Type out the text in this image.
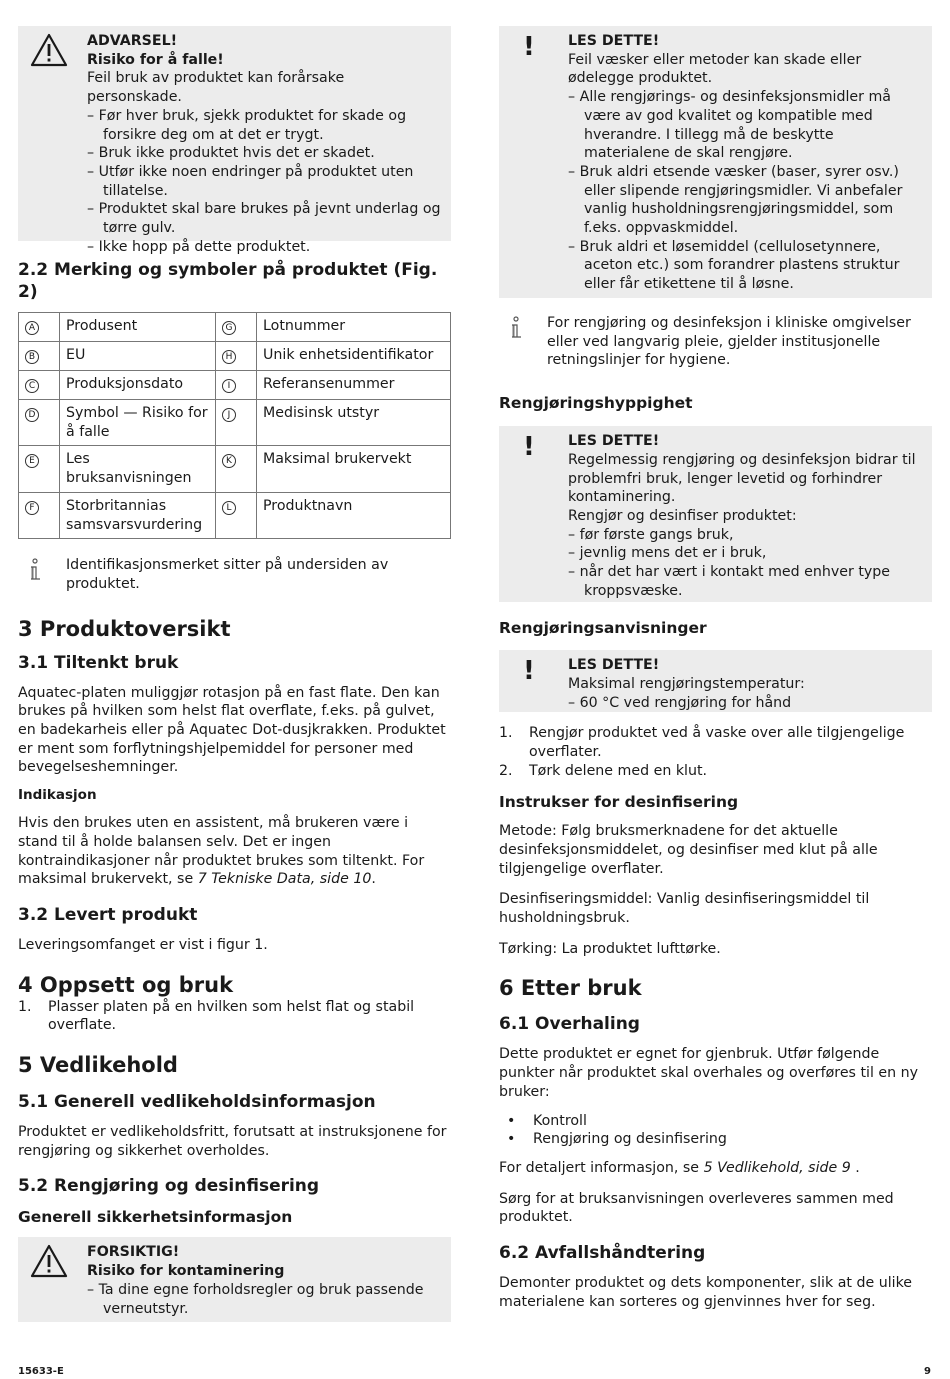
ADVARSEL!
Risiko for å falle!
Feil bruk av produktet kan forårsake personskade.
– Før hver bruk, sjekk produktet for skade og forsikre deg om at det er trygt.
– Bruk ikke produktet hvis det er skadet.
– Utfør ikke noen endringer på produktet uten tillatelse.
– Produktet skal bare brukes på jevnt underlag og tørre gulv.
– Ikke hopp på dette produktet.
2.2 Merking og symboler på produktet (Fig. 2)
A	Produsent	G	Lotnummer
B	EU	H	Unik enhetsidentifikator
C	Produksjonsdato	I	Referansenummer
D	Symbol — Risiko for å falle	J	Medisinsk utstyr
E	Les bruksanvisningen	K	Maksimal brukervekt
F	Storbritannias samsvarsvurdering	L	Produktnavn
Identifikasjonsmerket sitter på undersiden av produktet.
3 Produktoversikt
3.1 Tiltenkt bruk

Aquatec-platen muliggjør rotasjon på en fast flate. Den kan brukes på hvilken som helst flat overflate, f.eks. på gulvet, en badekarheis eller på Aquatec Dot-dusjkrakken. Produktet er ment som forflytningshjelpemiddel for personer med bevegelseshemninger.

Indikasjon

Hvis den brukes uten en assistent, må brukeren være i stand til å holde balansen selv. Det er ingen kontraindikasjoner når produktet brukes som tiltenkt. For maksimal brukervekt, se 7 Tekniske Data, side 10.

3.2 Levert produkt

Leveringsomfanget er vist i figur 1.

4 Oppsett og bruk
1. Plasser platen på en hvilken som helst flat og stabil overflate.
5 Vedlikehold
5.1 Generell vedlikeholdsinformasjon

Produktet er vedlikeholdsfritt, forutsatt at instruksjonene for rengjøring og sikkerhet overholdes.

5.2 Rengjøring og desinfisering
Generell sikkerhetsinformasjon
FORSIKTIG!
Risiko for kontaminering
– Ta dine egne forholdsregler og bruk passende verneutstyr.
! LES DETTE!
Feil væsker eller metoder kan skade eller ødelegge produktet.
– Alle rengjørings- og desinfeksjonsmidler må være av god kvalitet og kompatible med hverandre. I tillegg må de beskytte materialene de skal rengjøre.
– Bruk aldri etsende væsker (baser, syrer osv.) eller slipende rengjøringsmidler. Vi anbefaler vanlig husholdningsrengjøringsmiddel, som f.eks. oppvaskmiddel.
– Bruk aldri et løsemiddel (cellulosetynnere, aceton etc.) som forandrer plastens struktur eller får etikettene til å løsne.
For rengjøring og desinfeksjon i kliniske omgivelser eller ved langvarig pleie, gjelder institusjonelle retningslinjer for hygiene.
Rengjøringshyppighet
! LES DETTE!
Regelmessig rengjøring og desinfeksjon bidrar til problemfri bruk, lenger levetid og forhindrer kontaminering.
Rengjør og desinfiser produktet:
– før første gangs bruk,
– jevnlig mens det er i bruk,
– når det har vært i kontakt med enhver type kroppsvæske.
Rengjøringsanvisninger
! LES DETTE!
Maksimal rengjøringstemperatur:
– 60 °C ved rengjøring for hånd
1. Rengjør produktet ved å vaske over alle tilgjengelige overflater.
2. Tørk delene med en klut.
Instrukser for desinfisering

Metode: Følg bruksmerknadene for det aktuelle desinfeksjonsmiddelet, og desinfiser med klut på alle tilgjengelige overflater.

Desinfiseringsmiddel: Vanlig desinfiseringsmiddel til husholdningsbruk.

Tørking: La produktet lufttørke.

6 Etter bruk
6.1 Overhaling

Dette produktet er egnet for gjenbruk. Utfør følgende punkter når produktet skal overhales og overføres til en ny bruker:

• Kontroll
• Rengjøring og desinfisering

For detaljert informasjon, se 5 Vedlikehold, side 9 .

Sørg for at bruksanvisningen overleveres sammen med produktet.

6.2 Avfallshåndtering

Demonter produktet og dets komponenter, slik at de ulike materialene kan sorteres og gjenvinnes hver for seg.

15633-E	9
